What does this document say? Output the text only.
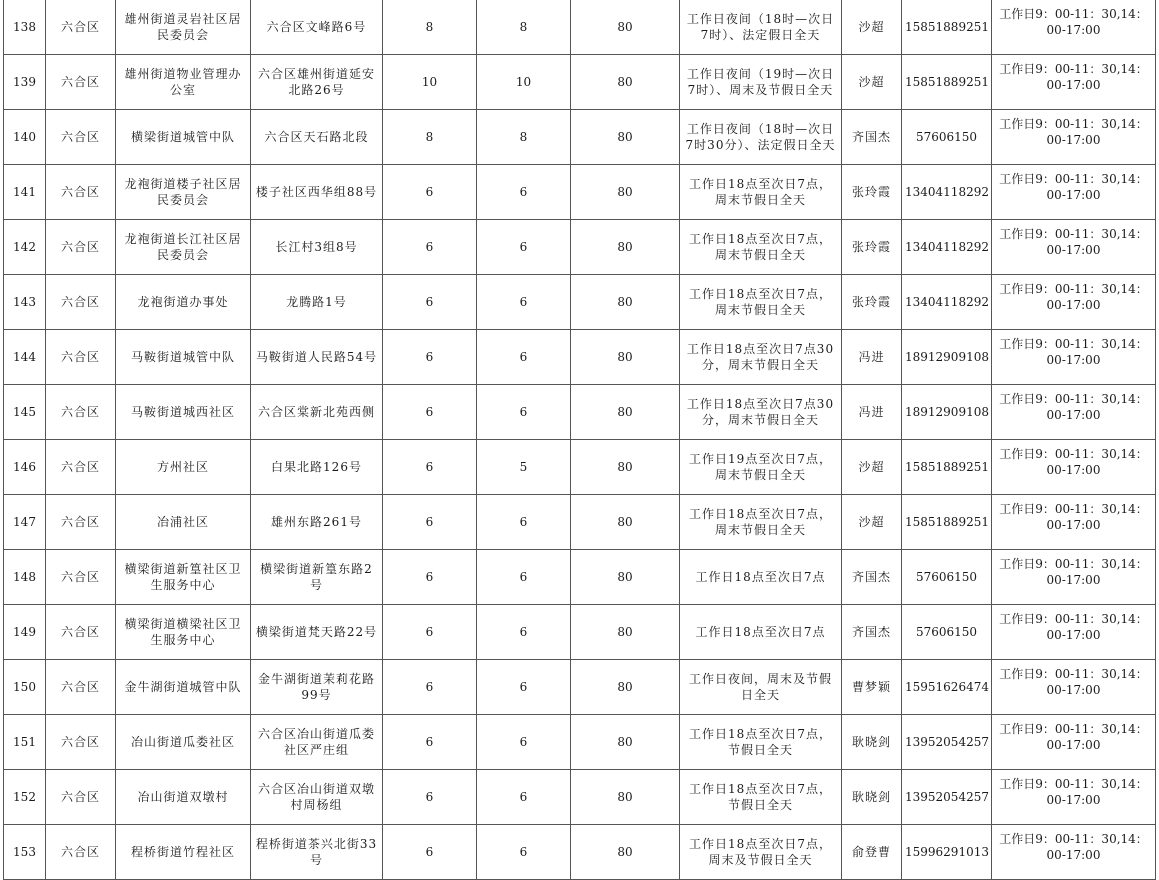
138	六合区	雄州街道灵岩社区居民委员会	六合区文峰路6号	8	8	80	工作日夜间（18时—次日7时）、法定假日全天	沙超	15851889251	工作日9：00-11：30,14：00-17:00
139	六合区	雄州街道物业管理办公室	六合区雄州街道延安北路26号	10	10	80	工作日夜间（19时—次日7时）、周末及节假日全天	沙超	15851889251	工作日9：00-11：30,14：00-17:00
140	六合区	横梁街道城管中队	六合区天石路北段	8	8	80	工作日夜间（18时—次日7时30分）、法定假日全天	齐国杰	57606150	工作日9：00-11：30,14：00-17:00
141	六合区	龙袍街道楼子社区居民委员会	楼子社区西华组88号	6	6	80	工作日18点至次日7点，周末节假日全天	张玲霞	13404118292	工作日9：00-11：30,14：00-17:00
142	六合区	龙袍街道长江社区居民委员会	长江村3组8号	6	6	80	工作日18点至次日7点，周末节假日全天	张玲霞	13404118292	工作日9：00-11：30,14：00-17:00
143	六合区	龙袍街道办事处	龙腾路1号	6	6	80	工作日18点至次日7点，周末节假日全天	张玲霞	13404118292	工作日9：00-11：30,14：00-17:00
144	六合区	马鞍街道城管中队	马鞍街道人民路54号	6	6	80	工作日18点至次日7点30分，周末节假日全天	冯进	18912909108	工作日9：00-11：30,14：00-17:00
145	六合区	马鞍街道城西社区	六合区棠新北苑西侧	6	6	80	工作日18点至次日7点30分，周末节假日全天	冯进	18912909108	工作日9：00-11：30,14：00-17:00
146	六合区	方州社区	白果北路126号	6	5	80	工作日19点至次日7点，周末节假日全天	沙超	15851889251	工作日9：00-11：30,14：00-17:00
147	六合区	冶浦社区	雄州东路261号	6	6	80	工作日18点至次日7点，周末节假日全天	沙超	15851889251	工作日9：00-11：30,14：00-17:00
148	六合区	横梁街道新篁社区卫生服务中心	横梁街道新篁东路2号	6	6	80	工作日18点至次日7点	齐国杰	57606150	工作日9：00-11：30,14：00-17:00
149	六合区	横梁街道横梁社区卫生服务中心	横梁街道梵天路22号	6	6	80	工作日18点至次日7点	齐国杰	57606150	工作日9：00-11：30,14：00-17:00
150	六合区	金牛湖街道城管中队	金牛湖街道茉莉花路99号	6	6	80	工作日夜间，周末及节假日全天	曹梦颖	15951626474	工作日9：00-11：30,14：00-17:00
151	六合区	冶山街道瓜娄社区	六合区冶山街道瓜娄社区严庄组	6	6	80	工作日18点至次日7点，节假日全天	耿晓剑	13952054257	工作日9：00-11：30,14：00-17:00
152	六合区	冶山街道双墩村	六合区冶山街道双墩村周杨组	6	6	80	工作日18点至次日7点，节假日全天	耿晓剑	13952054257	工作日9：00-11：30,14：00-17:00
153	六合区	程桥街道竹程社区	程桥街道茶兴北街33号	6	6	80	工作日18点至次日7点，周末及节假日全天	俞登曹	15996291013	工作日9：00-11：30,14：00-17:00
